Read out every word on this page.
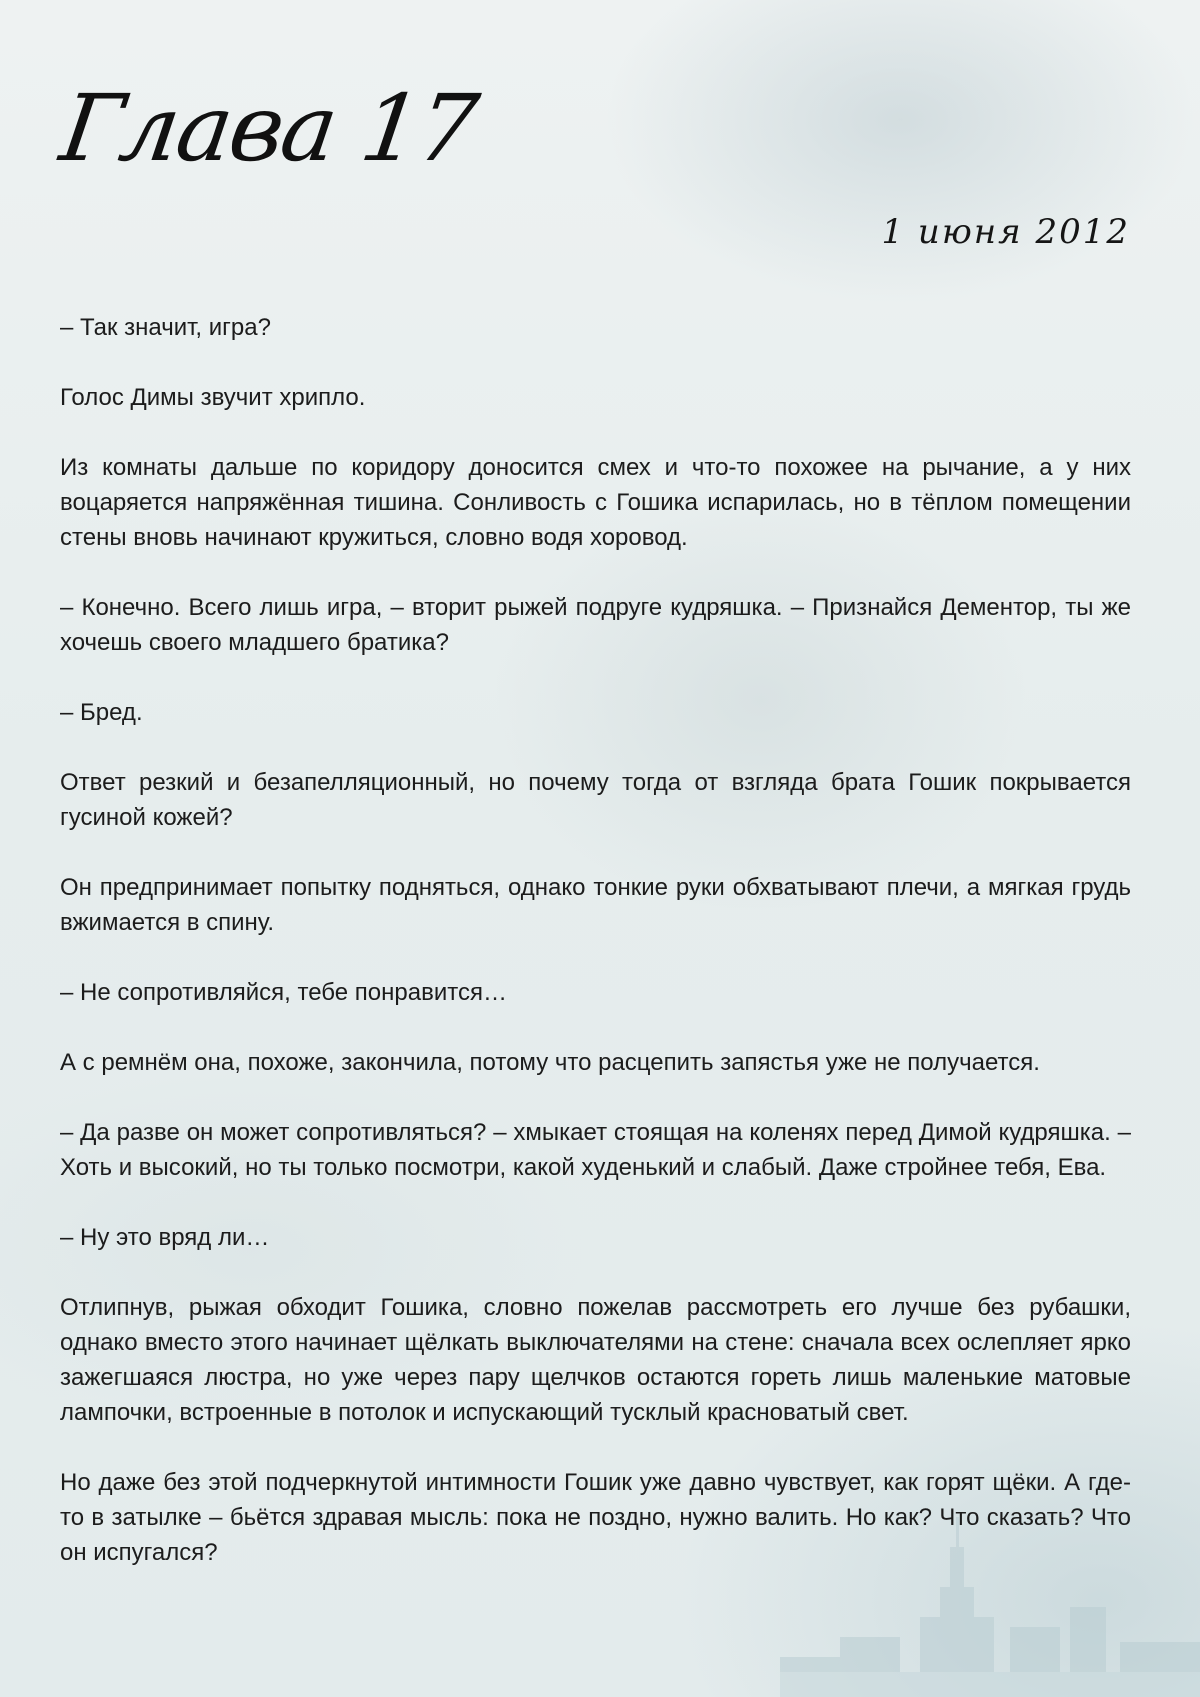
Глава 17
1 июня 2012

– Так значит, игра?

Голос Димы звучит хрипло.

Из комнаты дальше по коридору доносится смех и что-то похожее на рычание, а у них воцаряется напряжённая тишина. Сонливость с Гошика испарилась, но в тёплом помещении стены вновь начинают кружиться, словно водя хоровод.

– Конечно. Всего лишь игра, – вторит рыжей подруге кудряшка. – Признайся Дементор, ты же хочешь своего младшего братика?

– Бред.

Ответ резкий и безапелляционный, но почему тогда от взгляда брата Гошик покрывается гусиной кожей?

Он предпринимает попытку подняться, однако тонкие руки обхватывают плечи, а мягкая грудь вжимается в спину.

– Не сопротивляйся, тебе понравится…

А с ремнём она, похоже, закончила, потому что расцепить запястья уже не получается.

– Да разве он может сопротивляться? – хмыкает стоящая на коленях перед Димой кудряшка. – Хоть и высокий, но ты только посмотри, какой худенький и слабый. Даже стройнее тебя, Ева.

– Ну это вряд ли…

Отлипнув, рыжая обходит Гошика, словно пожелав рассмотреть его лучше без рубашки, однако вместо этого начинает щёлкать выключателями на стене: сначала всех ослепляет ярко зажегшаяся люстра, но уже через пару щелчков остаются гореть лишь маленькие матовые лампочки, встроенные в потолок и испускающий тусклый красноватый свет.

Но даже без этой подчеркнутой интимности Гошик уже давно чувствует, как горят щёки. А где-то в затылке – бьётся здравая мысль: пока не поздно, нужно валить. Но как? Что сказать? Что он испугался?
